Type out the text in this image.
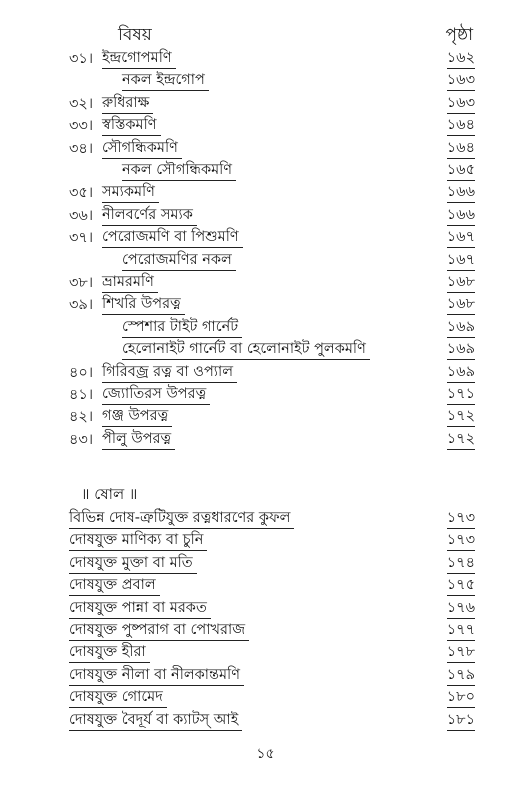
বিষয়	পৃষ্ঠা
৩১। ইন্দ্রগোপমণি	১৬২
নকল ইন্দ্রগোপ	১৬৩
৩২। রুধিরাক্ষ	১৬৩
৩৩। স্বস্তিকমণি	১৬৪
৩৪। সৌগন্ধিকমণি	১৬৪
নকল সৌগন্ধিকমণি	১৬৫
৩৫। সম্যকমণি	১৬৬
৩৬। নীলবর্ণের সম্যক	১৬৬
৩৭। পেরোজমণি বা পিশুমণি	১৬৭
পেরোজমণির নকল	১৬৭
৩৮। ভ্রামরমণি	১৬৮
৩৯। শিখরি উপরত্ন	১৬৮
স্পেশার টাইট গার্নেট	১৬৯
হেলোনাইট গার্নেট বা হেলোনাইট পুলকমণি	১৬৯
৪০। গিরিবজ্র রত্ন বা ওপ্যাল	১৬৯
৪১। জ্যোতিরস উপরত্ন	১৭১
৪২। গঞ্জ উপরত্ন	১৭২
৪৩। পীলু উপরত্ন	১৭২
॥ ষোল ॥
বিভিন্ন দোষ-ত্রুটিযুক্ত রত্নধারণের কুফল	১৭৩
দোষযুক্ত মাণিক্য বা চুনি	১৭৩
দোষযুক্ত মুক্তা বা মতি	১৭৪
দোষযুক্ত প্রবাল	১৭৫
দোষযুক্ত পান্না বা মরকত	১৭৬
দোষযুক্ত পুষ্পরাগ বা পোখরাজ	১৭৭
দোষযুক্ত হীরা	১৭৮
দোষযুক্ত নীলা বা নীলকান্তমণি	১৭৯
দোষযুক্ত গোমেদ	১৮০
দোষযুক্ত বৈদূর্য বা ক্যাটস্ আই	১৮১
১৫
